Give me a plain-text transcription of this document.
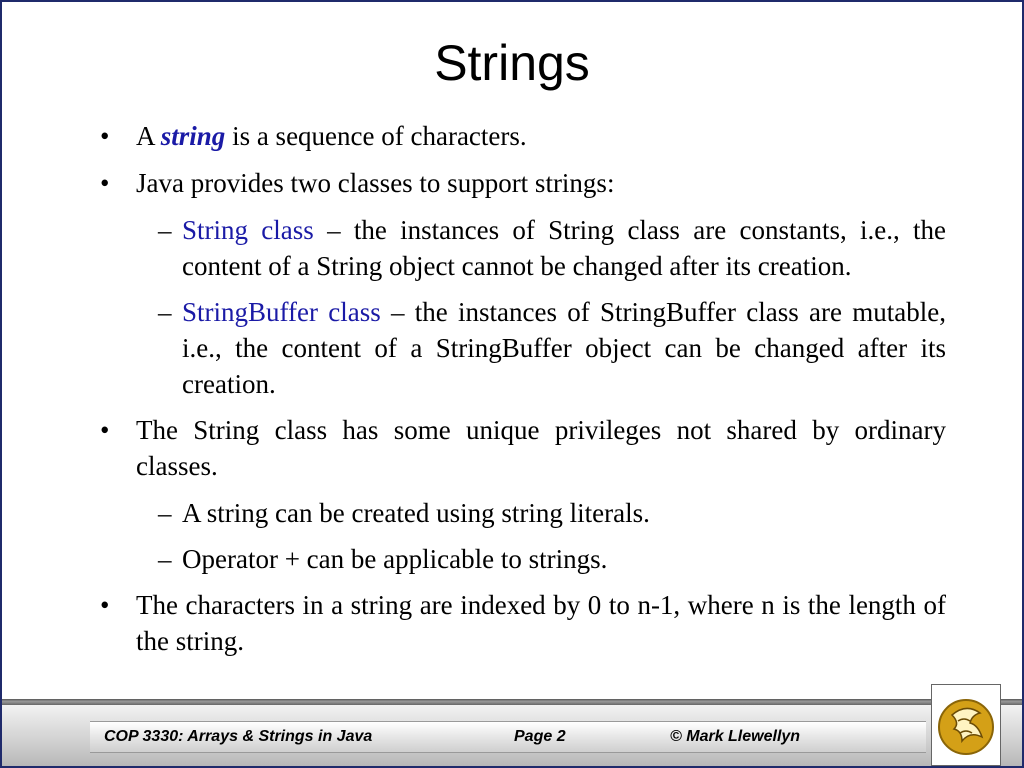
Strings
• A string is a sequence of characters.
• Java provides two classes to support strings:
– String class – the instances of String class are constants, i.e., the content of a String object cannot be changed after its creation.
– StringBuffer class – the instances of StringBuffer class are mutable, i.e., the content of a StringBuffer object can be changed after its creation.
• The String class has some unique privileges not shared by ordinary classes.
– A string can be created using string literals.
– Operator + can be applicable to strings.
• The characters in a string are indexed by 0 to n-1, where n is the length of the string.
COP 3330: Arrays & Strings in Java	Page 2	© Mark Llewellyn
